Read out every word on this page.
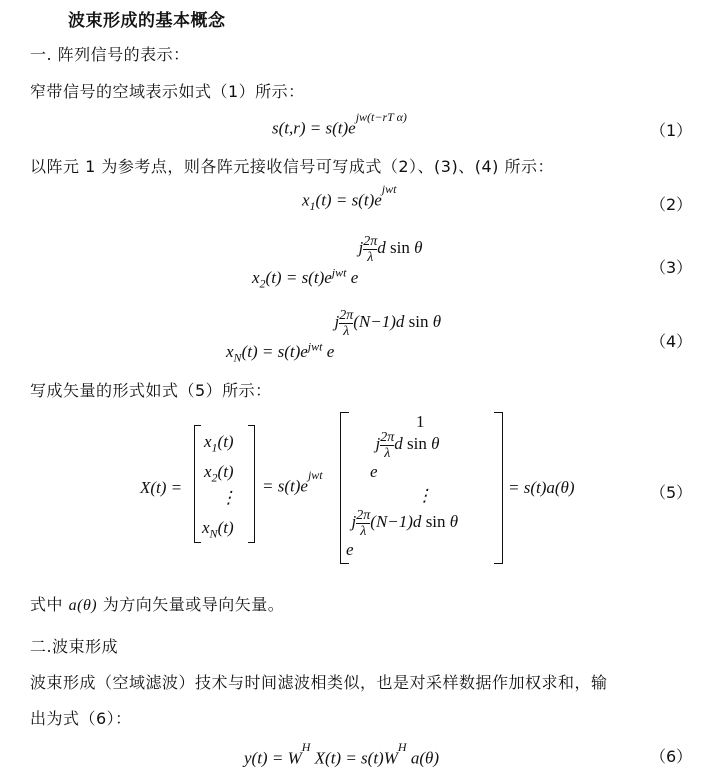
波束形成的基本概念
一. 阵列信号的表示：
窄带信号的空域表示如式（1）所示：
$s(t,r) = s(t)e^{jw(t-rT \alpha)}$
（1）
以阵元 1 为参考点，则各阵元接收信号可写成式（2）、(3)、(4) 所示：
$x_1(t) = s(t)e^{jwt}$
（2）
$x_2(t) = s(t)e^{jwt}$ e j $\frac{2\pi}{\lambda}$ d sin θ
（3）
$x_N(t) = s(t)e^{jwt}$ e j $\frac{2\pi}{\lambda} (N-1)d$ sin θ
（4）
写成矢量的形式如式（5）所示：
X(t) =
$x_1(t)$
$x_2(t)$
⋮
$x_N(t)$
= $s(t)e^{jwt}$
1
ej $\frac{2\pi}{\lambda}$ d sin θ
⋮
ej $\frac{2\pi}{\lambda} (N-1)d$ sin θ
= s(t)a(θ)	（5）
式中 a(θ) 为方向矢量或导向矢量。
二.波束形成
波束形成（空域滤波）技术与时间滤波相类似，也是对采样数据作加权求和，输
出为式（6）：
$y(t) = W^H$ $X(t) = s(t)W^H$ a(θ)	（6）
